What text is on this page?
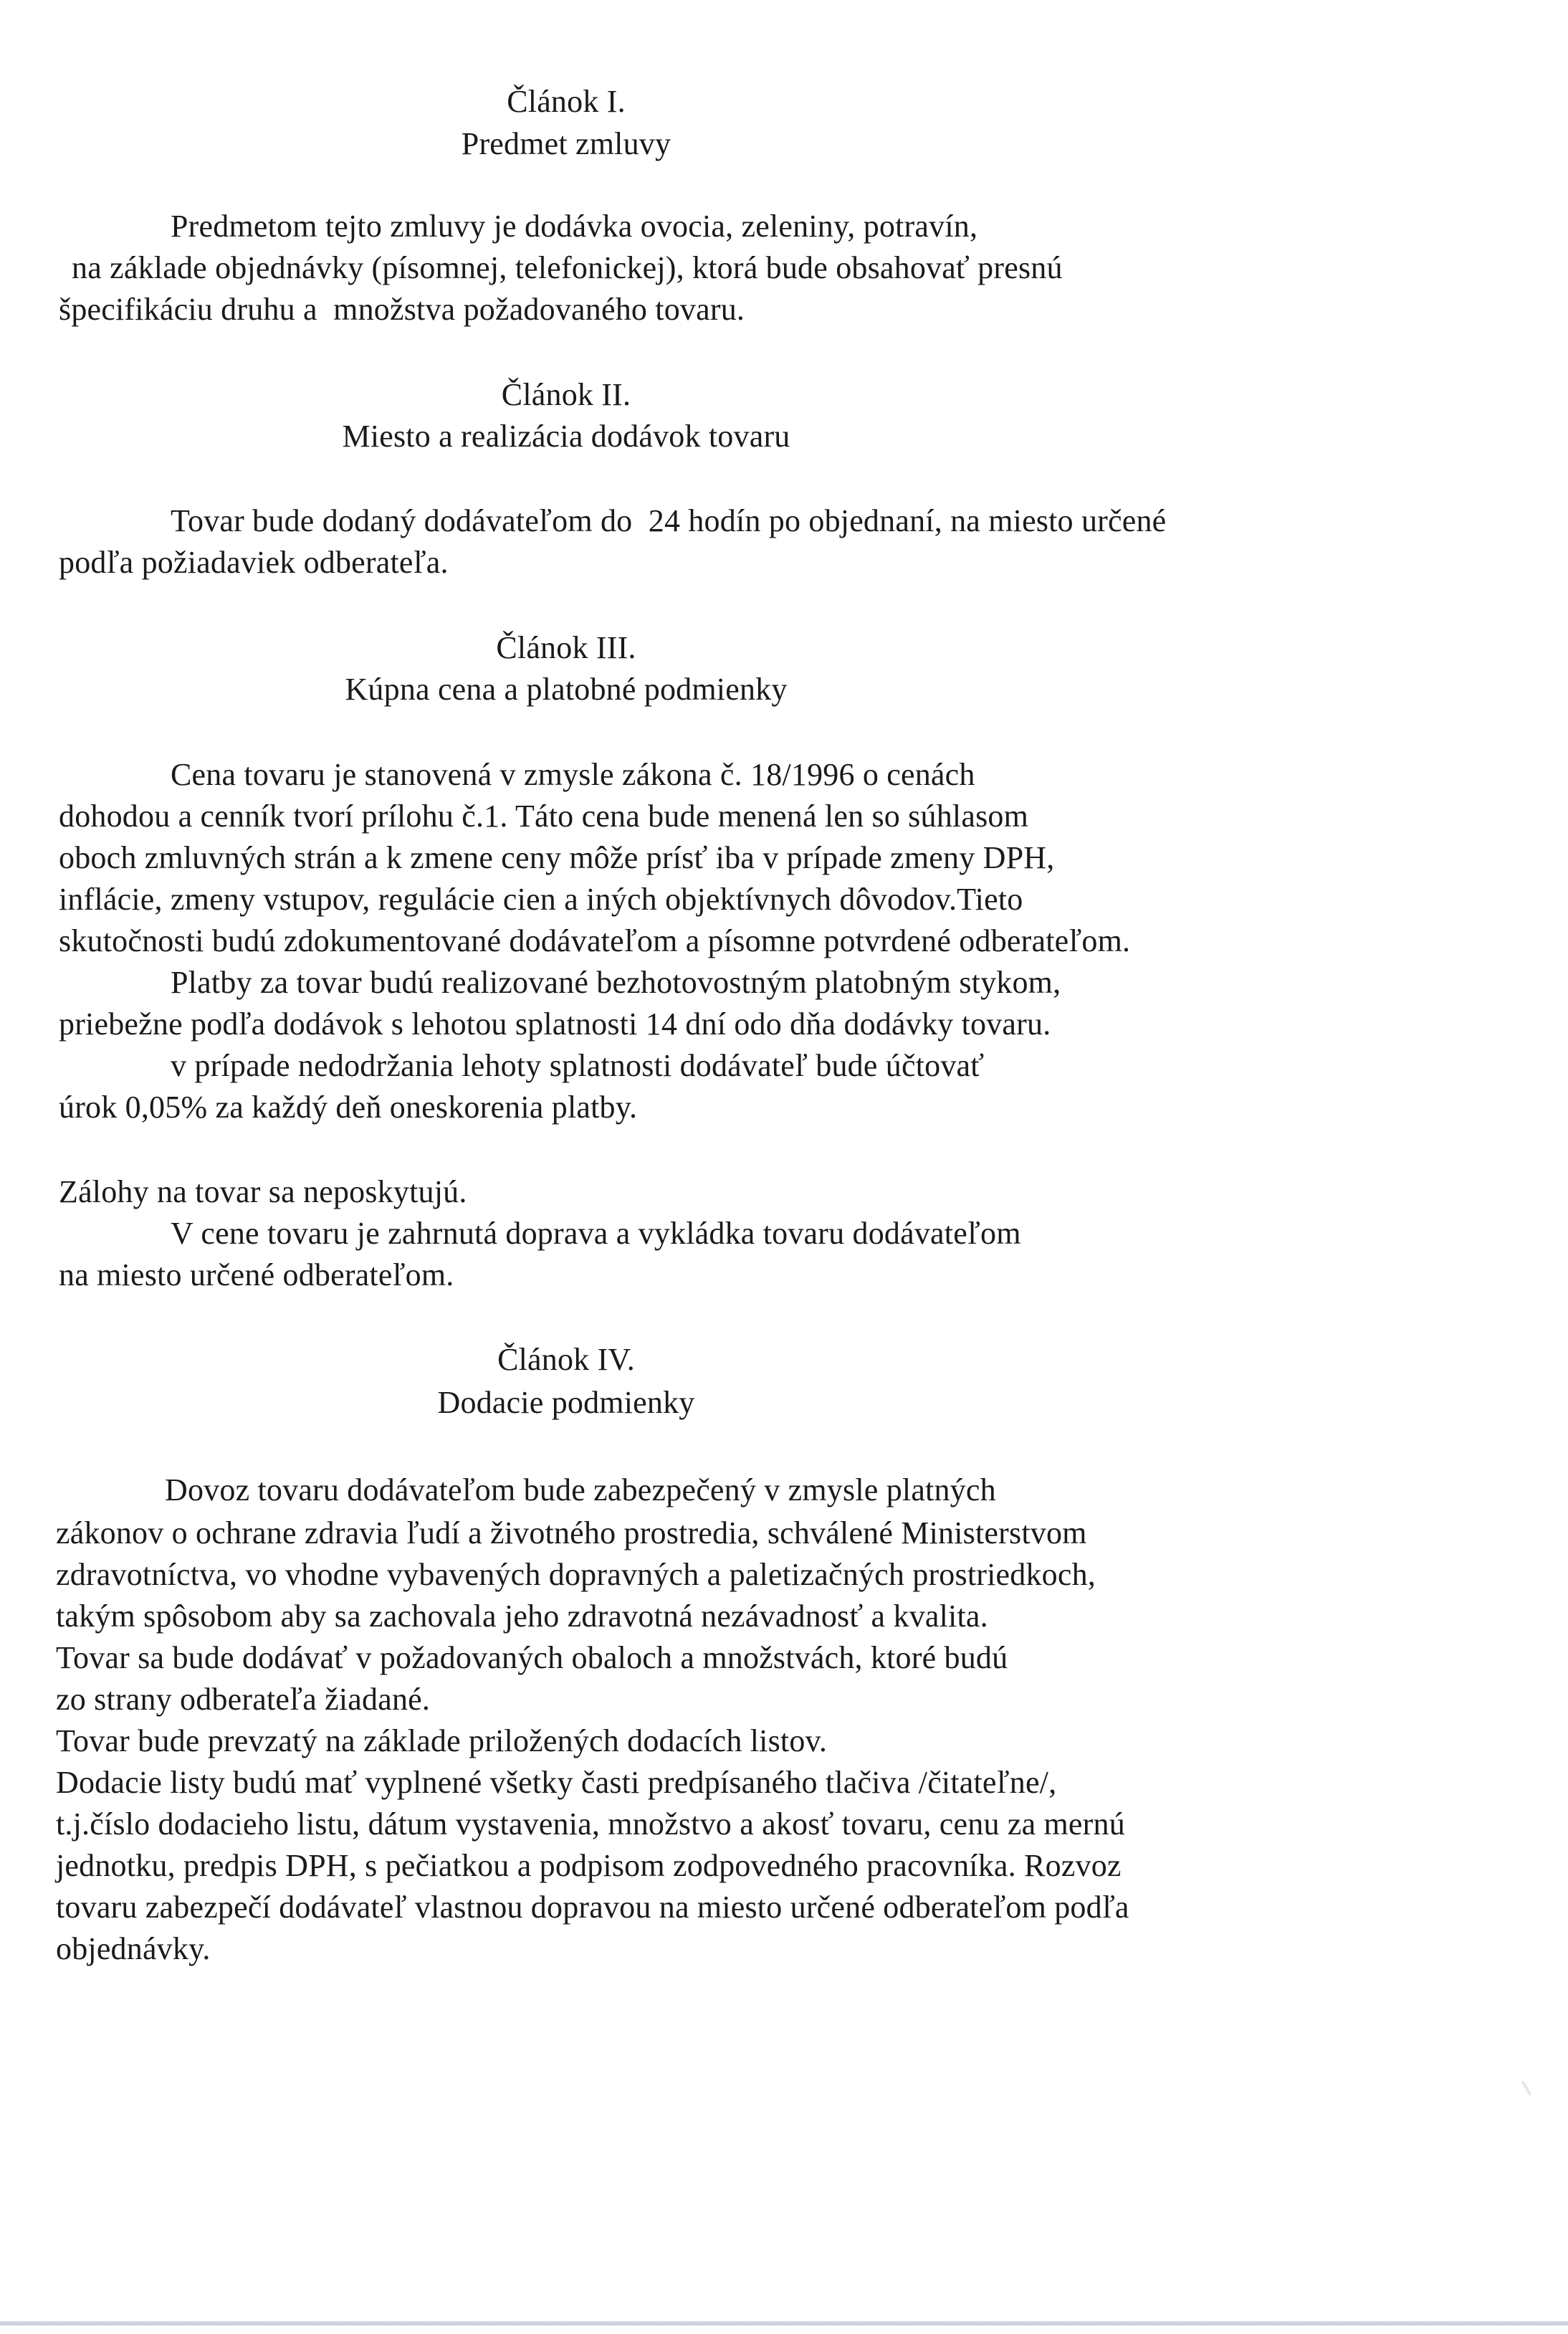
Článok I.
Predmet zmluvy
Predmetom tejto zmluvy je dodávka ovocia, zeleniny, potravín,
na základe objednávky (písomnej, telefonickej), ktorá bude obsahovať presnú
špecifikáciu druhu a  množstva požadovaného tovaru.
Článok II.
Miesto a realizácia dodávok tovaru
Tovar bude dodaný dodávateľom do  24 hodín po objednaní, na miesto určené
podľa požiadaviek odberateľa.
Článok III.
Kúpna cena a platobné podmienky
Cena tovaru je stanovená v zmysle zákona č. 18/1996 o cenách
dohodou a cenník tvorí prílohu č.1. Táto cena bude menená len so súhlasom
oboch zmluvných strán a k zmene ceny môže prísť iba v prípade zmeny DPH,
inflácie, zmeny vstupov, regulácie cien a iných objektívnych dôvodov.Tieto
skutočnosti budú zdokumentované dodávateľom a písomne potvrdené odberateľom.
Platby za tovar budú realizované bezhotovostným platobným stykom,
priebežne podľa dodávok s lehotou splatnosti 14 dní odo dňa dodávky tovaru.
v prípade nedodržania lehoty splatnosti dodávateľ bude účtovať
úrok 0,05% za každý deň oneskorenia platby.
Zálohy na tovar sa neposkytujú.
V cene tovaru je zahrnutá doprava a vykládka tovaru dodávateľom
na miesto určené odberateľom.
Článok IV.
Dodacie podmienky
Dovoz tovaru dodávateľom bude zabezpečený v zmysle platných
zákonov o ochrane zdravia ľudí a životného prostredia, schválené Ministerstvom
zdravotníctva, vo vhodne vybavených dopravných a paletizačných prostriedkoch,
takým spôsobom aby sa zachovala jeho zdravotná nezávadnosť a kvalita.
Tovar sa bude dodávať v požadovaných obaloch a množstvách, ktoré budú
zo strany odberateľa žiadané.
Tovar bude prevzatý na základe priložených dodacích listov.
Dodacie listy budú mať vyplnené všetky časti predpísaného tlačiva /čitateľne/,
t.j.číslo dodacieho listu, dátum vystavenia, množstvo a akosť tovaru, cenu za mernú
jednotku, predpis DPH, s pečiatkou a podpisom zodpovedného pracovníka. Rozvoz
tovaru zabezpečí dodávateľ vlastnou dopravou na miesto určené odberateľom podľa
objednávky.
